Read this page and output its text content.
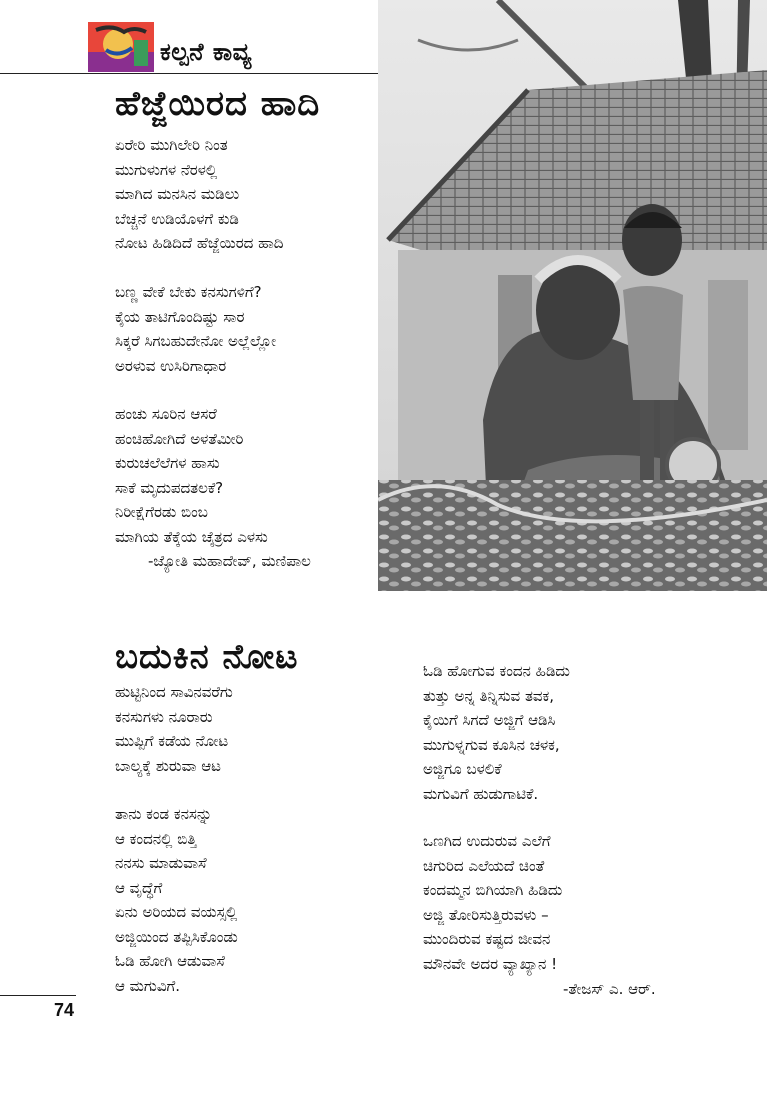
ಕಲ್ಪನೆ ಕಾವ್ಯ
ಹೆಜ್ಜೆಯಿರದ ಹಾದಿ
ಏರೇರಿ ಮುಗಿಲೇರಿ ನಿಂತ
ಮುಗುಳುಗಳ ನೆರಳಲ್ಲಿ
ಮಾಗಿದ ಮನಸಿನ ಮಡಿಲು
ಬೆಚ್ಚನೆ ಉಡಿಯೊಳಗೆ ಕುಡಿ
ನೋಟ ಹಿಡಿದಿದೆ ಹೆಜ್ಜೆಯಿರದ ಹಾದಿ
ಬಣ್ಣ ವೇಕೆ ಬೇಕು ಕನಸುಗಳಿಗೆ?
ಕೈಯ ತಾಟಿಗೊಂದಿಷ್ಟು ಸಾರ
ಸಿಕ್ಕರೆ ಸಿಗಬಹುದೇನೋ ಅಲ್ಲೆಲ್ಲೋ
ಅರಳುವ ಉಸಿರಿಗಾಧಾರ
ಹಂಚು ಸೂರಿನ ಆಸರೆ
ಹಂಚಿಹೋಗಿದೆ ಅಳತೆಮೀರಿ
ಕುರುಚಲೆಲೆಗಳ ಹಾಸು
ಸಾಕೆ ಮೃದುಪದತಲಕೆ?
ನಿರೀಕ್ಷೆಗೆರಡು ಬಿಂಬ
ಮಾಗಿಯ ತೆಕ್ಕೆಯ ಚೈತ್ರದ ಎಳಸು
-ಜ್ಯೋತಿ ಮಹಾದೇವ್, ಮಣಿಪಾಲ
ಬದುಕಿನ ನೋಟ
ಹುಟ್ಟಿನಿಂದ ಸಾವಿನವರೆಗು
ಕನಸುಗಳು ನೂರಾರು
ಮುಪ್ಪಿಗೆ ಕಡೆಯ ನೋಟ
ಬಾಲ್ಯಕ್ಕೆ ಶುರುವಾ ಆಟ
ತಾನು ಕಂಡ ಕನಸನ್ನು
ಆ ಕಂದನಲ್ಲಿ ಬಿತ್ತಿ
ನನಸು ಮಾಡುವಾಸೆ
ಆ ವೃದ್ಧೆಗೆ
ಏನು ಅರಿಯದ ವಯಸ್ಸಲ್ಲಿ
ಅಜ್ಜಿಯಿಂದ ತಪ್ಪಿಸಿಕೊಂಡು
ಓಡಿ ಹೋಗಿ ಆಡುವಾಸೆ
ಆ ಮಗುವಿಗೆ.
ಓಡಿ ಹೋಗುವ ಕಂದನ ಹಿಡಿದು
ತುತ್ತು ಅನ್ನ ತಿನ್ನಿಸುವ ತವಕ,
ಕೈಯಿಗೆ ಸಿಗದೆ ಅಜ್ಜಿಗೆ ಆಡಿಸಿ
ಮುಗುಳ್ನಗುವ ಕೂಸಿನ ಚಳಕ,
ಅಜ್ಜಿಗೂ ಬಳಲಿಕೆ
ಮಗುವಿಗೆ ಹುಡುಗಾಟಿಕೆ.
ಒಣಗಿದ ಉದುರುವ ಎಲೆಗೆ
ಚಿಗುರಿದ ಎಲೆಯದೆ ಚಿಂತೆ
ಕಂದಮ್ಮನ ಬಿಗಿಯಾಗಿ ಹಿಡಿದು
ಅಜ್ಜಿ ತೋರಿಸುತ್ತಿರುವಳು –
ಮುಂದಿರುವ ಕಷ್ಟದ ಜೀವನ
ಮೌನವೇ ಅದರ ವ್ಯಾಖ್ಯಾನ !
-ತೇಜಸ್ ಎ. ಆರ್.
74
